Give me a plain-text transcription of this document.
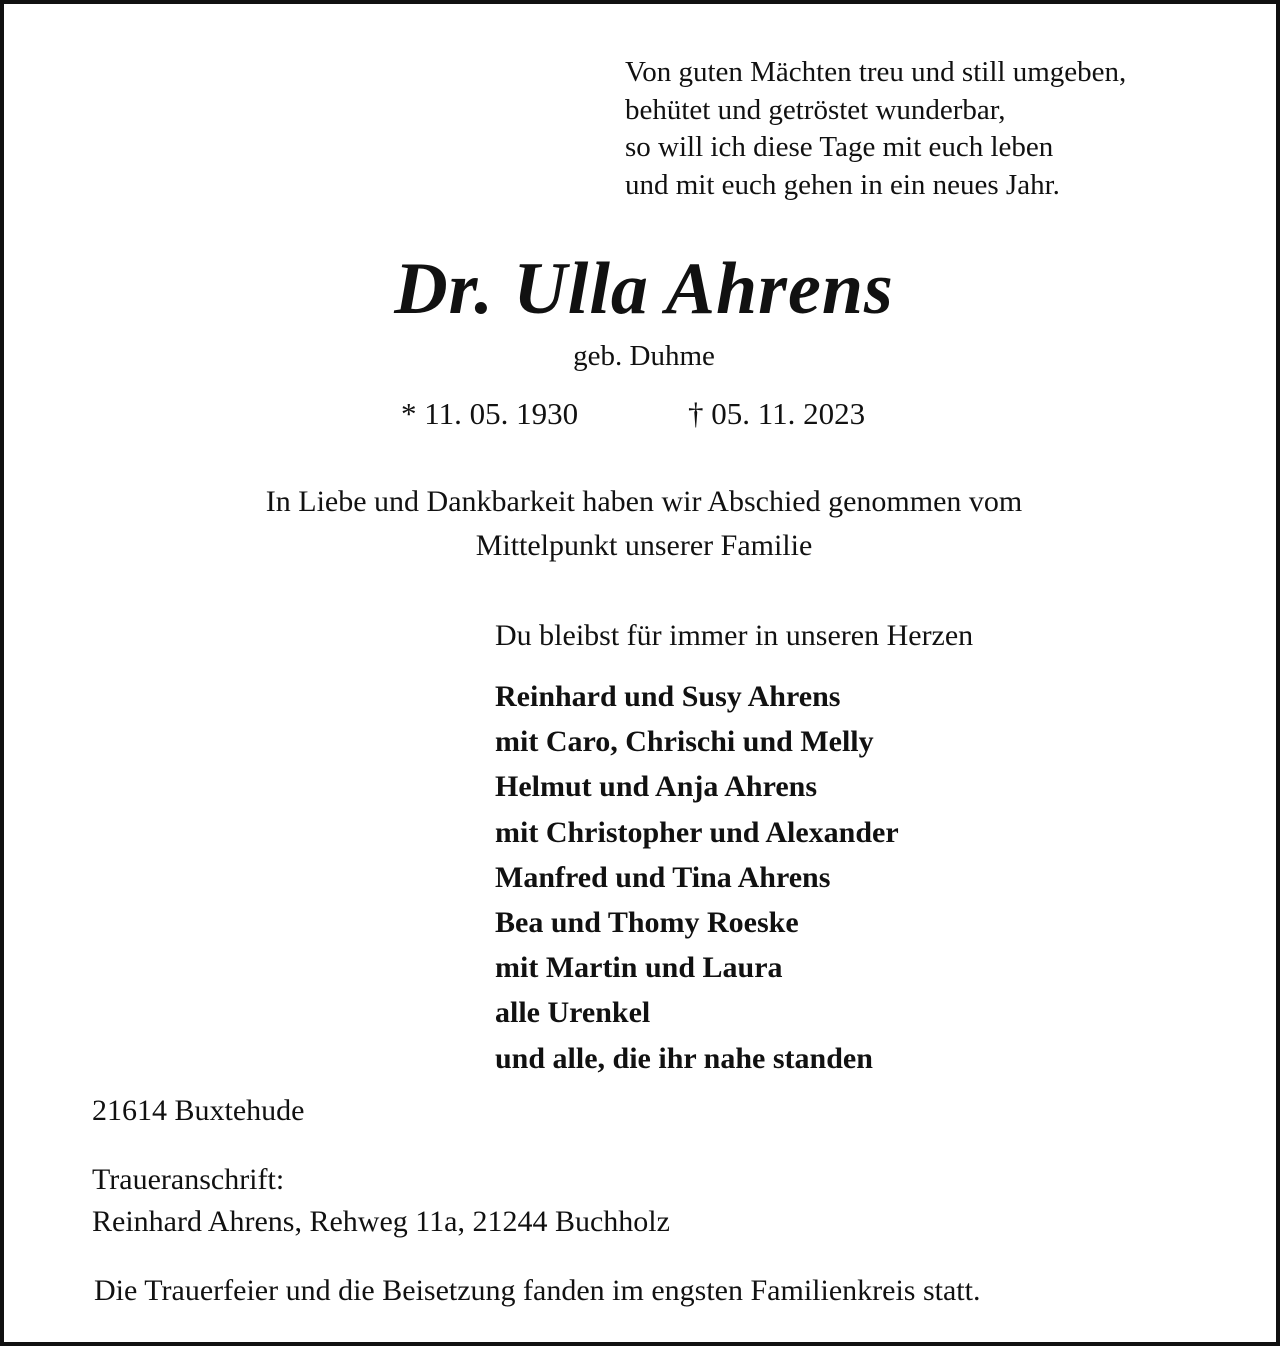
Von guten Mächten treu und still umgeben,
behütet und getröstet wunderbar,
so will ich diese Tage mit euch leben
und mit euch gehen in ein neues Jahr.
Dr. Ulla Ahrens
geb. Duhme
* 11. 05. 1930	† 05. 11. 2023
In Liebe und Dankbarkeit haben wir Abschied genommen vom
Mittelpunkt unserer Familie
Du bleibst für immer in unseren Herzen
Reinhard und Susy Ahrens
mit Caro, Chrischi und Melly
Helmut und Anja Ahrens
mit Christopher und Alexander
Manfred und Tina Ahrens
Bea und Thomy Roeske
mit Martin und Laura
alle Urenkel
und alle, die ihr nahe standen
21614 Buxtehude
Traueranschrift:
Reinhard Ahrens, Rehweg 11a, 21244 Buchholz
Die Trauerfeier und die Beisetzung fanden im engsten Familienkreis statt.
